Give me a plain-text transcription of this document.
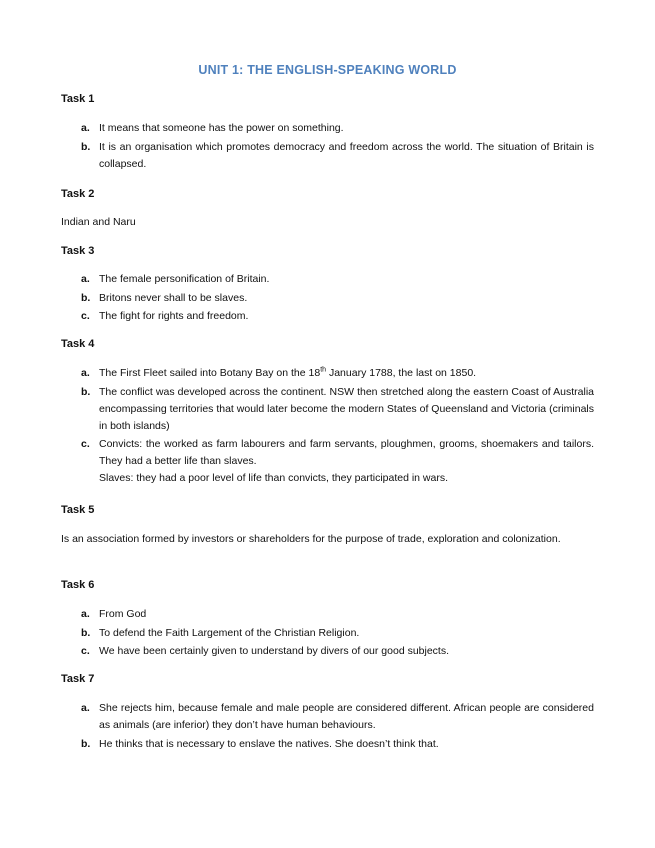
UNIT 1: THE ENGLISH-SPEAKING WORLD
Task 1
a. It means that someone has the power on something.
b. It is an organisation which promotes democracy and freedom across the world. The situation of Britain is collapsed.
Task 2
Indian and Naru
Task 3
a. The female personification of Britain.
b. Britons never shall to be slaves.
c. The fight for rights and freedom.
Task 4
a. The First Fleet sailed into Botany Bay on the 18th January 1788, the last on 1850.
b. The conflict was developed across the continent. NSW then stretched along the eastern Coast of Australia encompassing territories that would later become the modern States of Queensland and Victoria (criminals in both islands)
c. Convicts: the worked as farm labourers and farm servants, ploughmen, grooms, shoemakers and tailors. They had a better life than slaves.
Slaves: they had a poor level of life than convicts, they participated in wars.
Task 5
Is an association formed by investors or shareholders for the purpose of trade, exploration and colonization.
Task 6
a. From God
b. To defend the Faith Largement of the Christian Religion.
c. We have been certainly given to understand by divers of our good subjects.
Task 7
a. She rejects him, because female and male people are considered different. African people are considered as animals (are inferior) they don’t have human behaviours.
b. He thinks that is necessary to enslave the natives. She doesn’t think that.
